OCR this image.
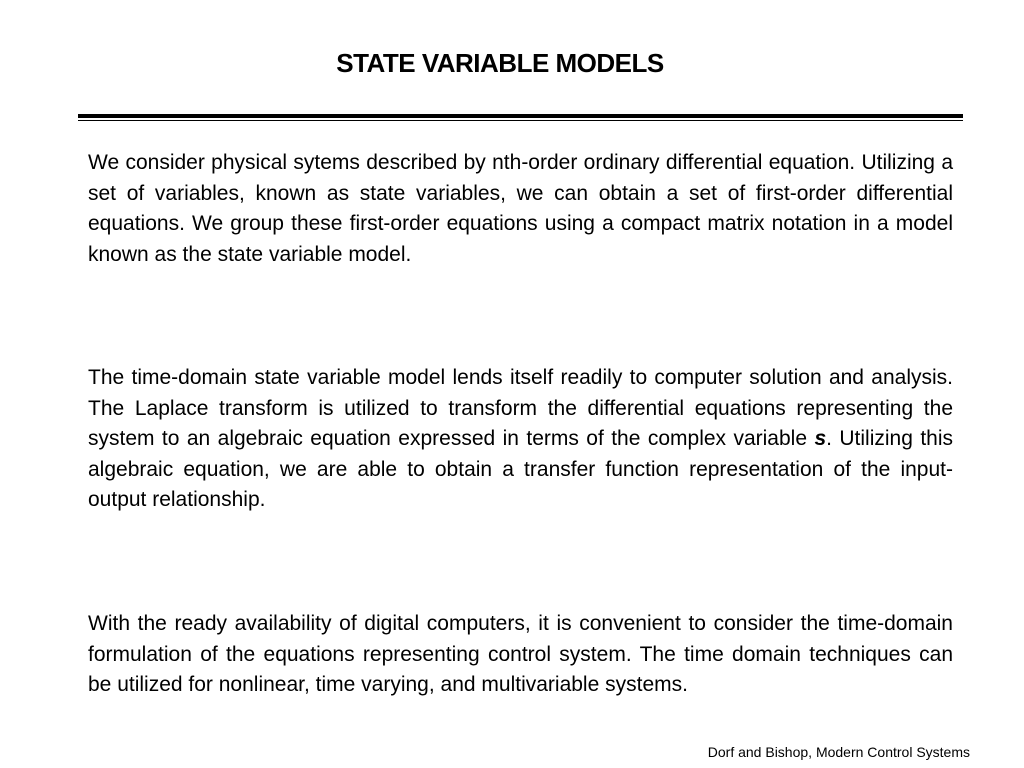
STATE VARIABLE MODELS

We consider physical sytems described by nth-order ordinary differential equation. Utilizing a set of variables, known as state variables, we can obtain a set of first-order differential equations. We group these first-order equations using a compact matrix notation in a model known as the state variable model.

The time-domain state variable model lends itself readily to computer solution and analysis. The Laplace transform is utilized to transform the differential equations representing the system to an algebraic equation expressed in terms of the complex variable s. Utilizing this algebraic equation, we are able to obtain a transfer function representation of the input-output relationship.

With the ready availability of digital computers, it is convenient to consider the time-domain formulation of the equations representing control system. The time domain techniques can be utilized for nonlinear, time varying, and multivariable systems.

Dorf and Bishop, Modern Control Systems
